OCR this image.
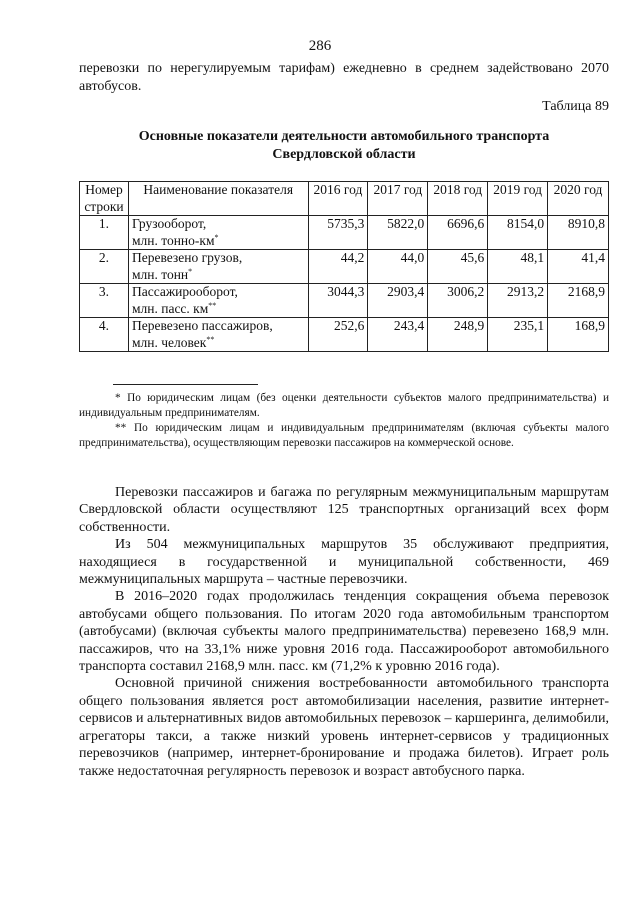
286
перевозки по нерегулируемым тарифам) ежедневно в среднем задействовано 2070 автобусов.
Таблица 89
Основные показатели деятельности автомобильного транспорта
Свердловской области
Номер строки	Наименование показателя	2016 год	2017 год	2018 год	2019 год	2020 год
1.	Грузооборот,
млн. тонно-км*	5735,3	5822,0	6696,6	8154,0	8910,8
2.	Перевезено грузов,
млн. тонн*	44,2	44,0	45,6	48,1	41,4
3.	Пассажирооборот,
млн. пасс. км**	3044,3	2903,4	3006,2	2913,2	2168,9
4.	Перевезено пассажиров,
млн. человек**	252,6	243,4	248,9	235,1	168,9

* По юридическим лицам (без оценки деятельности субъектов малого предпринимательства) и индивидуальным предпринимателям.

** По юридическим лицам и индивидуальным предпринимателям (включая субъекты малого предпринимательства), осуществляющим перевозки пассажиров на коммерческой основе.

Перевозки пассажиров и багажа по регулярным межмуниципальным маршрутам Свердловской области осуществляют 125 транспортных организаций всех форм собственности.

Из 504 межмуниципальных маршрутов 35 обслуживают предприятия, находящиеся в государственной и муниципальной собственности, 469 межмуниципальных маршрута – частные перевозчики.

В 2016–2020 годах продолжилась тенденция сокращения объема перевозок автобусами общего пользования. По итогам 2020 года автомобильным транспортом (автобусами) (включая субъекты малого предпринимательства) перевезено 168,9 млн. пассажиров, что на 33,1% ниже уровня 2016 года. Пассажирооборот автомобильного транспорта составил 2168,9 млн. пасс. км (71,2% к уровню 2016 года).

Основной причиной снижения востребованности автомобильного транспорта общего пользования является рост автомобилизации населения, развитие интернет-сервисов и альтернативных видов автомобильных перевозок – каршеринга, делимобили, агрегаторы такси, а также низкий уровень интернет-сервисов у традиционных перевозчиков (например, интернет-бронирование и продажа билетов). Играет роль также недостаточная регулярность перевозок и возраст автобусного парка.
